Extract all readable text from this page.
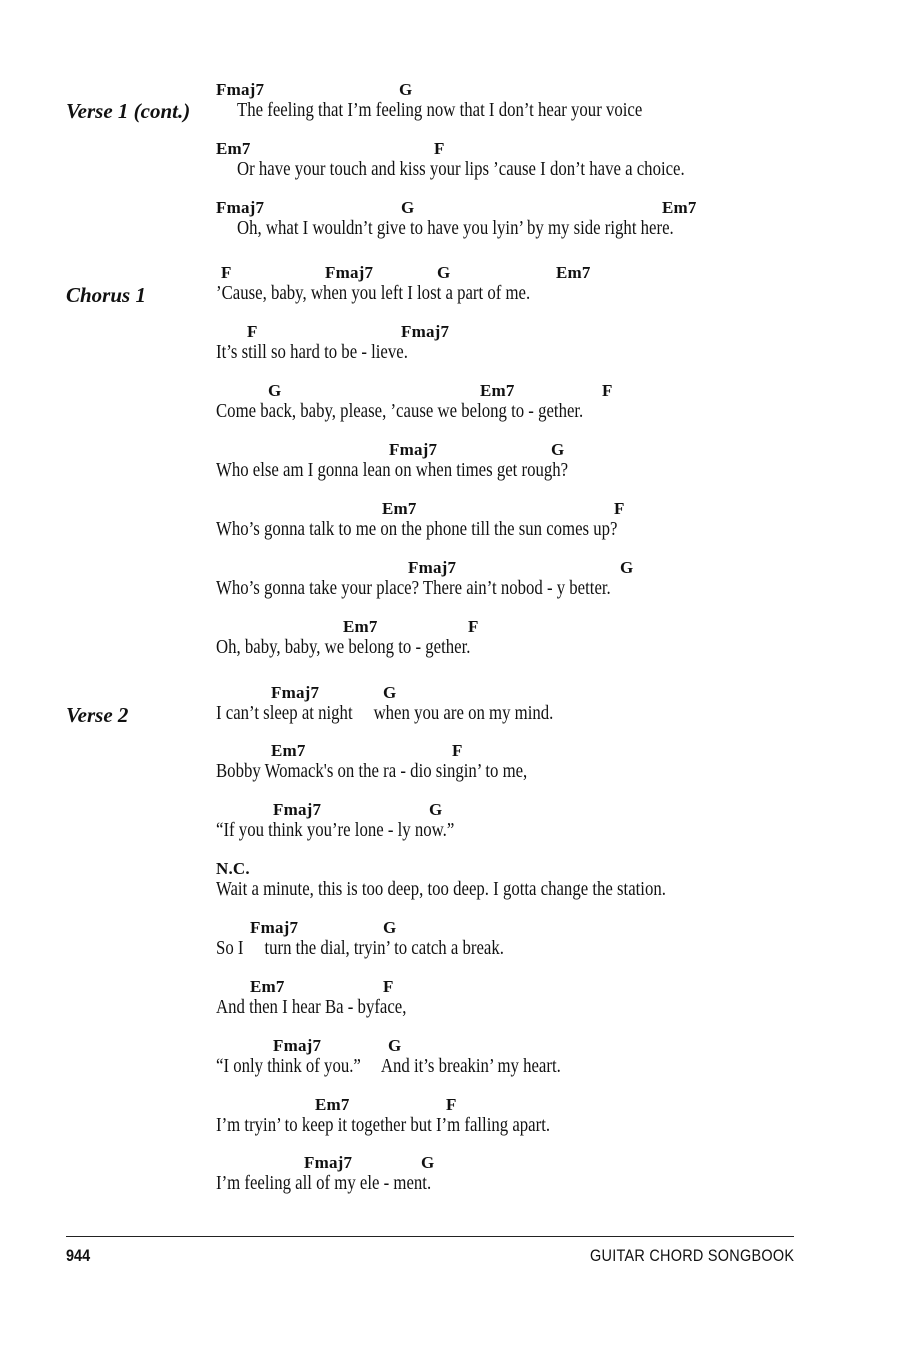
Verse 1 (cont.)
Chorus 1
Verse 2
Fmaj7	G
The feeling that I’m feeling now that I don’t hear your voice
Em7	F
Or have your touch and kiss your lips ’cause I don’t have a choice.
Fmaj7	G	Em7
Oh, what I wouldn’t give to have you lyin’ by my side right here.
F	Fmaj7	G	Em7
’Cause, baby, when you left I lost a part of me.
F	Fmaj7
It’s still so hard to be - lieve.
G	Em7	F
Come back, baby, please, ’cause we belong to - gether.
Fmaj7	G
Who else am I gonna lean on when times get rough?
Em7	F
Who’s gonna talk to me on the phone till the sun comes up?
Fmaj7	G
Who’s gonna take your place? There ain’t nobod - y better.
Em7	F
Oh, baby, baby, we belong to - gether.
Fmaj7	G
I can’t sleep at night     when you are on my mind.
Em7	F
Bobby Womack's on the ra - dio singin’ to me,
Fmaj7	G
“If you think you’re lone - ly now.”
N.C.
Wait a minute, this is too deep, too deep. I gotta change the station.
Fmaj7	G
So I     turn the dial, tryin’ to catch a break.
Em7	F
And then I hear Ba - byface,
Fmaj7	G
“I only think of you.”     And it’s breakin’ my heart.
Em7	F
I’m tryin’ to keep it together but I’m falling apart.
Fmaj7	G
I’m feeling all of my ele - ment.
944	GUITAR CHORD SONGBOOK
